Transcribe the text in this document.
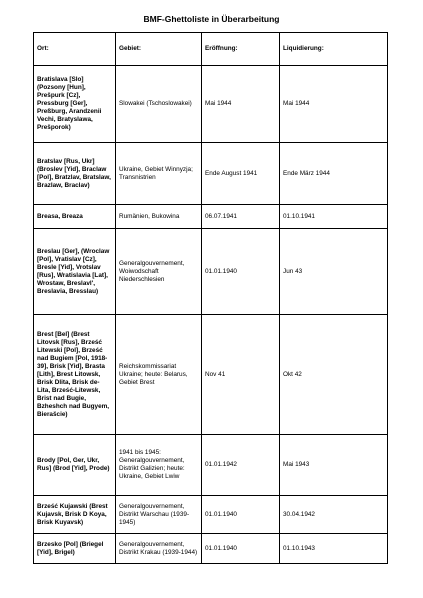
BMF-Ghettoliste in Überarbeitung
Ort:	Gebiet:	Eröffnung:	Liquidierung:
Bratislava [Slo] (Pozsony [Hun], Prešpurk [Cz], Pressburg [Ger], Preßburg, Arandzenii Vechi, Bratyslawa, Prešporok)	Slowakei (Tschoslowakei)	Mai 1944	Mai 1944
Bratslav [Rus, Ukr] (Broslev [Yid], Braclaw [Pol], Bratzlav, Bratslaw, Brazlaw, Braclav)	Ukraine, Gebiet Winnyzja; Transnistrien	Ende August 1941	Ende März 1944
Breasa, Breaza	Rumänien, Bukowina	06.07.1941	01.10.1941
Breslau [Ger], (Wroclaw [Pol], Vratislav [Cz], Bresle [Yid], Vrotslav [Rus], Wratislavia [Lat], Wrostaw, Breslavl', Breslavia, Bresslau)	Generalgouvernement, Woiwodschaft Niederschlesien	01.01.1940	Jun 43
Brest [Bel] (Brest Litovsk [Rus], Brześć Litewski [Pol], Brześć nad Bugiem [Pol, 1918-39], Brisk [Yid], Brasta [Lith], Brest Litowsk, Brisk Dlita, Brisk de-Lita, Brześć-Litewsk, Brist nad Bugie, Bzheshch nad Bugyem, Bierašcie)	Reichskommissariat Ukraine; heute: Belarus, Gebiet Brest	Nov 41	Okt 42
Brody [Pol, Ger, Ukr, Rus] (Brod [Yid], Prode)	1941 bis 1945: Generalgouvernement, Distrikt Galizien; heute: Ukraine, Gebiet Lwiw	01.01.1942	Mai 1943
Brześć Kujawski (Brest Kujavsk, Brisk D Koya, Brisk Kuyavsk)	Generalgouvernement, Distrikt Warschau (1939-1945)	01.01.1940	30.04.1942
Brzesko [Pol] (Briegel [Yid], Brigel)	Generalgouvernement, Distrikt Krakau (1939-1944)	01.01.1940	01.10.1943
